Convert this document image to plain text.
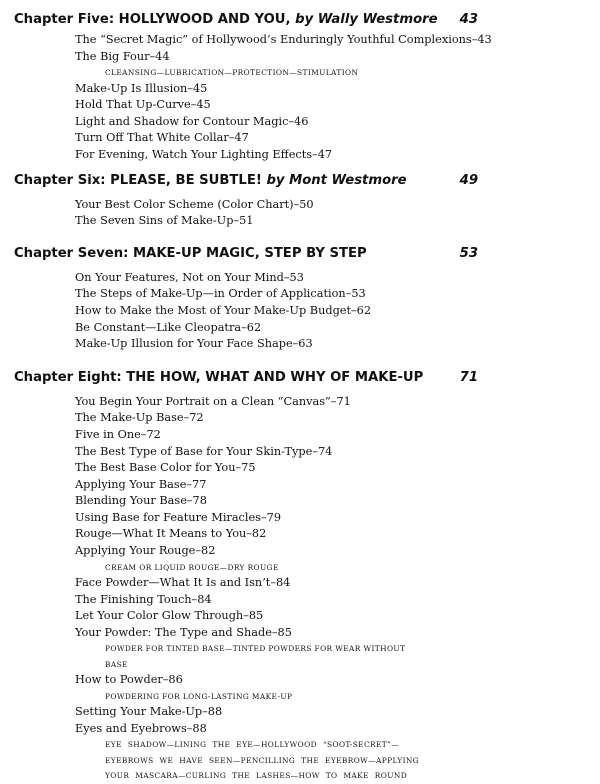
Chapter Five: HOLLYWOOD AND YOU, by Wally Westmore	43
The “Secret Magic” of Hollywood’s Enduringly Youthful Complexions–43
The Big Four–44
CLEANSING—LUBRICATION—PROTECTION—STIMULATION
Make-Up Is Illusion–45
Hold That Up-Curve–45
Light and Shadow for Contour Magic–46
Turn Off That White Collar–47
For Evening, Watch Your Lighting Effects–47
Chapter Six: PLEASE, BE SUBTLE! by Mont Westmore	49
Your Best Color Scheme (Color Chart)–50
The Seven Sins of Make-Up–51
Chapter Seven: MAKE-UP MAGIC, STEP BY STEP	53
On Your Features, Not on Your Mind–53
The Steps of Make-Up—in Order of Application–53
How to Make the Most of Your Make-Up Budget–62
Be Constant—Like Cleopatra–62
Make-Up Illusion for Your Face Shape–63
Chapter Eight: THE HOW, WHAT AND WHY OF MAKE-UP	71
You Begin Your Portrait on a Clean “Canvas”–71
The Make-Up Base–72
Five in One–72
The Best Type of Base for Your Skin-Type–74
The Best Base Color for You–75
Applying Your Base–77
Blending Your Base–78
Using Base for Feature Miracles–79
Rouge—What It Means to You–82
Applying Your Rouge–82
CREAM OR LIQUID ROUGE—DRY ROUGE
Face Powder—What It Is and Isn’t–84
The Finishing Touch–84
Let Your Color Glow Through–85
Your Powder: The Type and Shade–85
POWDER FOR TINTED BASE—TINTED POWDERS FOR WEAR WITHOUT
BASE
How to Powder–86
POWDERING FOR LONG-LASTING MAKE-UP
Setting Your Make-Up–88
Eyes and Eyebrows–88
EYE SHADOW—LINING THE EYE—HOLLYWOOD “SOOT-SECRET”—
EYEBROWS WE HAVE SEEN—PENCILLING THE EYEBROW—APPLYING
YOUR MASCARA—CURLING THE LASHES—HOW TO MAKE ROUND
